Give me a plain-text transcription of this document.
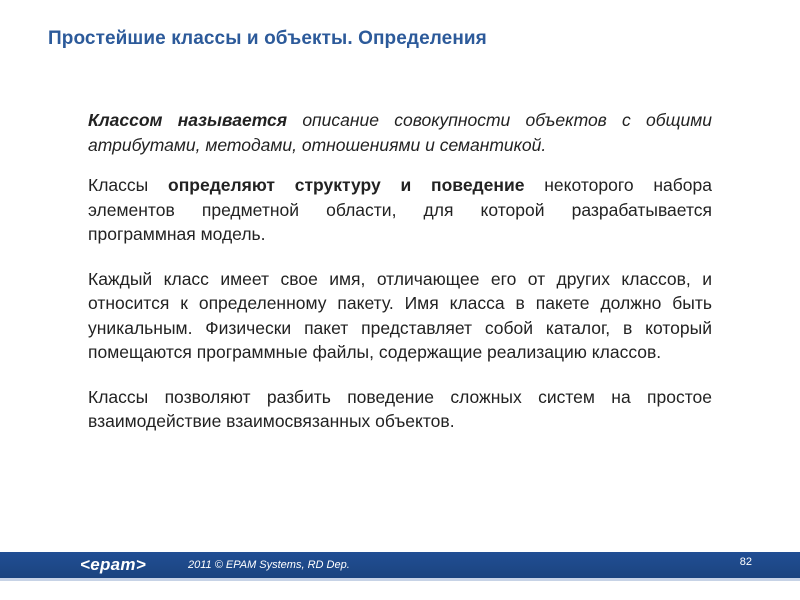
Простейшие классы и объекты. Определения

Классом называется описание совокупности объектов с общими атрибутами, методами, отношениями и семантикой.

Классы определяют структуру и поведение некоторого набора элементов предметной области, для которой разрабатывается программная модель.

Каждый класс имеет свое имя, отличающее его от других классов, и относится к определенному пакету. Имя класса в пакете должно быть уникальным. Физически пакет представляет собой каталог, в который помещаются программные файлы, содержащие реализацию классов.

Классы позволяют разбить поведение сложных систем на простое взаимодействие взаимосвязанных объектов.

<epam>	2011 © EPAM Systems, RD Dep.	82
